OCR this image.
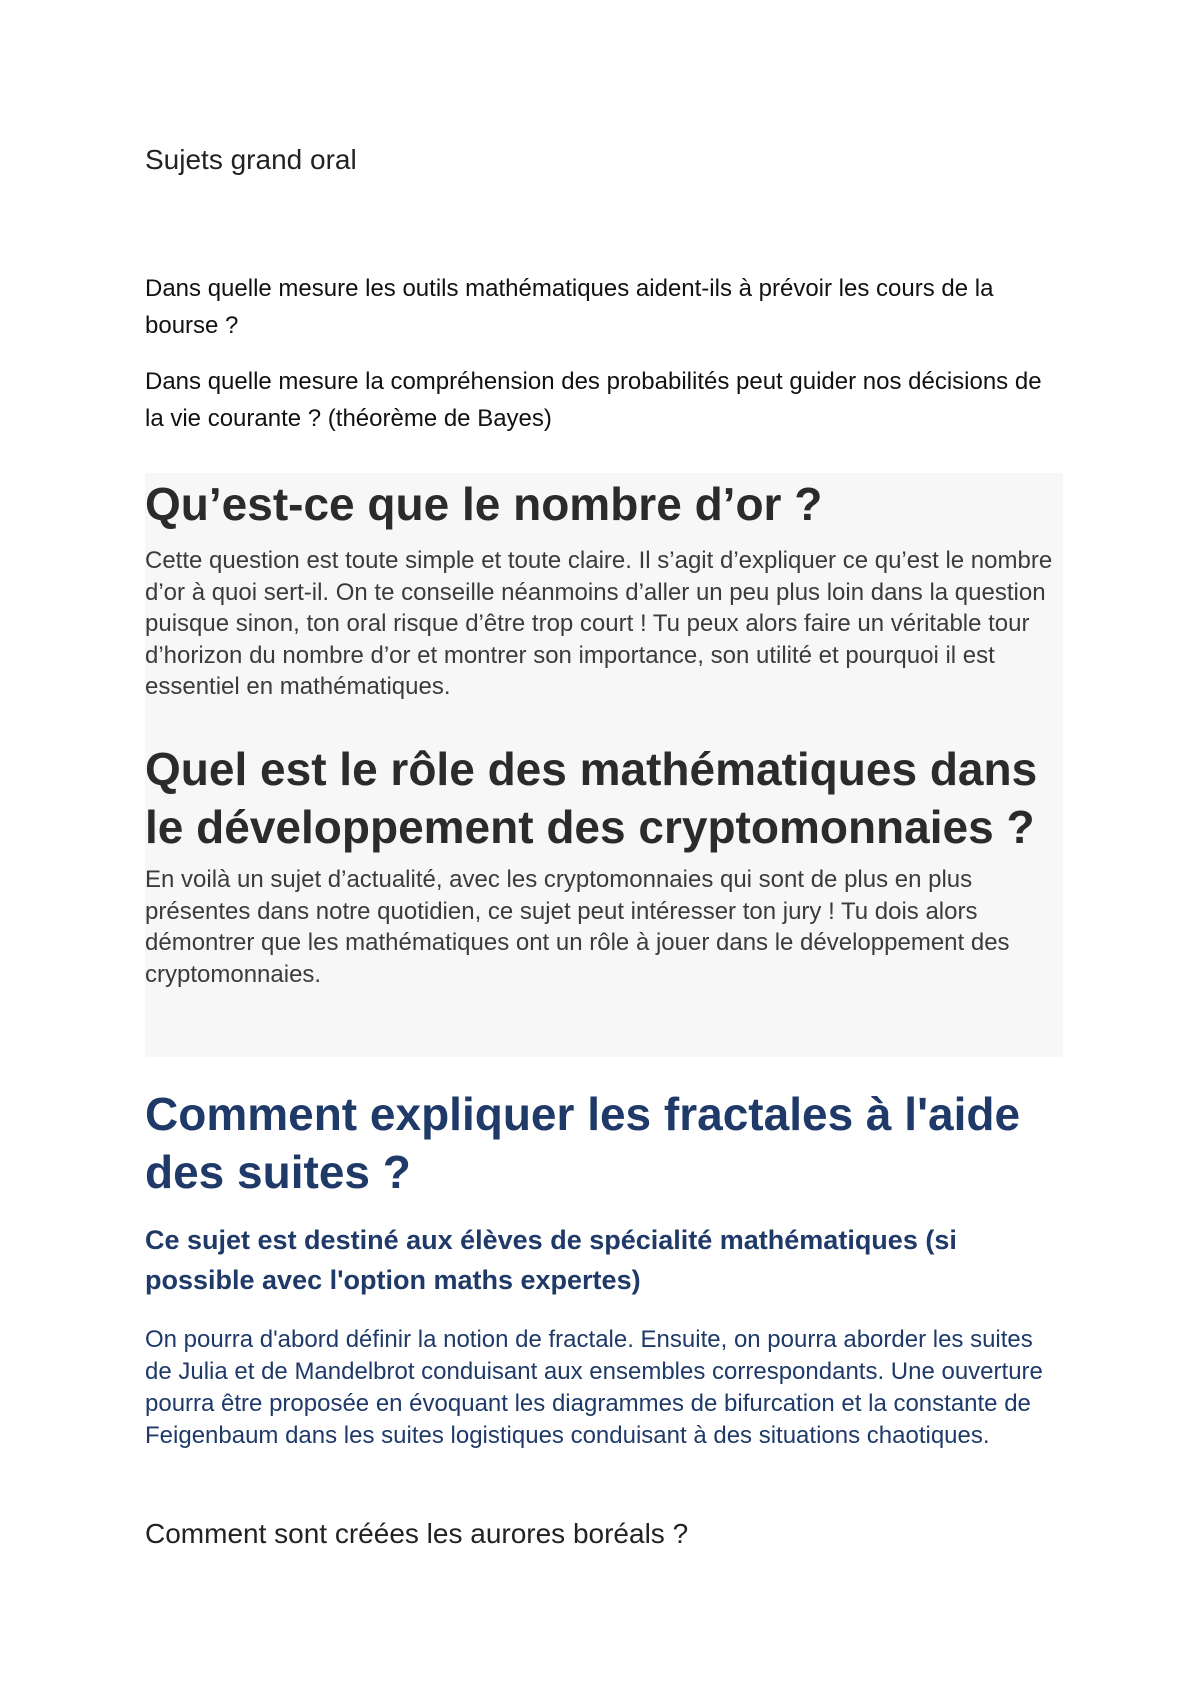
Sujets grand oral

Dans quelle mesure les outils mathématiques aident-ils à prévoir les cours de la bourse ?

Dans quelle mesure la compréhension des probabilités peut guider nos décisions de la vie courante ? (théorème de Bayes)

Qu’est-ce que le nombre d’or ?

Cette question est toute simple et toute claire. Il s’agit d’expliquer ce qu’est le nombre d’or à quoi sert-il. On te conseille néanmoins d’aller un peu plus loin dans la question puisque sinon, ton oral risque d’être trop court ! Tu peux alors faire un véritable tour d’horizon du nombre d’or et montrer son importance, son utilité et pourquoi il est essentiel en mathématiques.

Quel est le rôle des mathématiques dans le développement des cryptomonnaies ?

En voilà un sujet d’actualité, avec les cryptomonnaies qui sont de plus en plus présentes dans notre quotidien, ce sujet peut intéresser ton jury ! Tu dois alors démontrer que les mathématiques ont un rôle à jouer dans le développement des cryptomonnaies.

Comment expliquer les fractales à l'aide des suites ?
Ce sujet est destiné aux élèves de spécialité mathématiques (si possible avec l'option maths expertes)

On pourra d'abord définir la notion de fractale. Ensuite, on pourra aborder les suites de Julia et de Mandelbrot conduisant aux ensembles correspondants. Une ouverture pourra être proposée en évoquant les diagrammes de bifurcation et la constante de Feigenbaum dans les suites logistiques conduisant à des situations chaotiques.

Comment sont créées les aurores boréals ?
